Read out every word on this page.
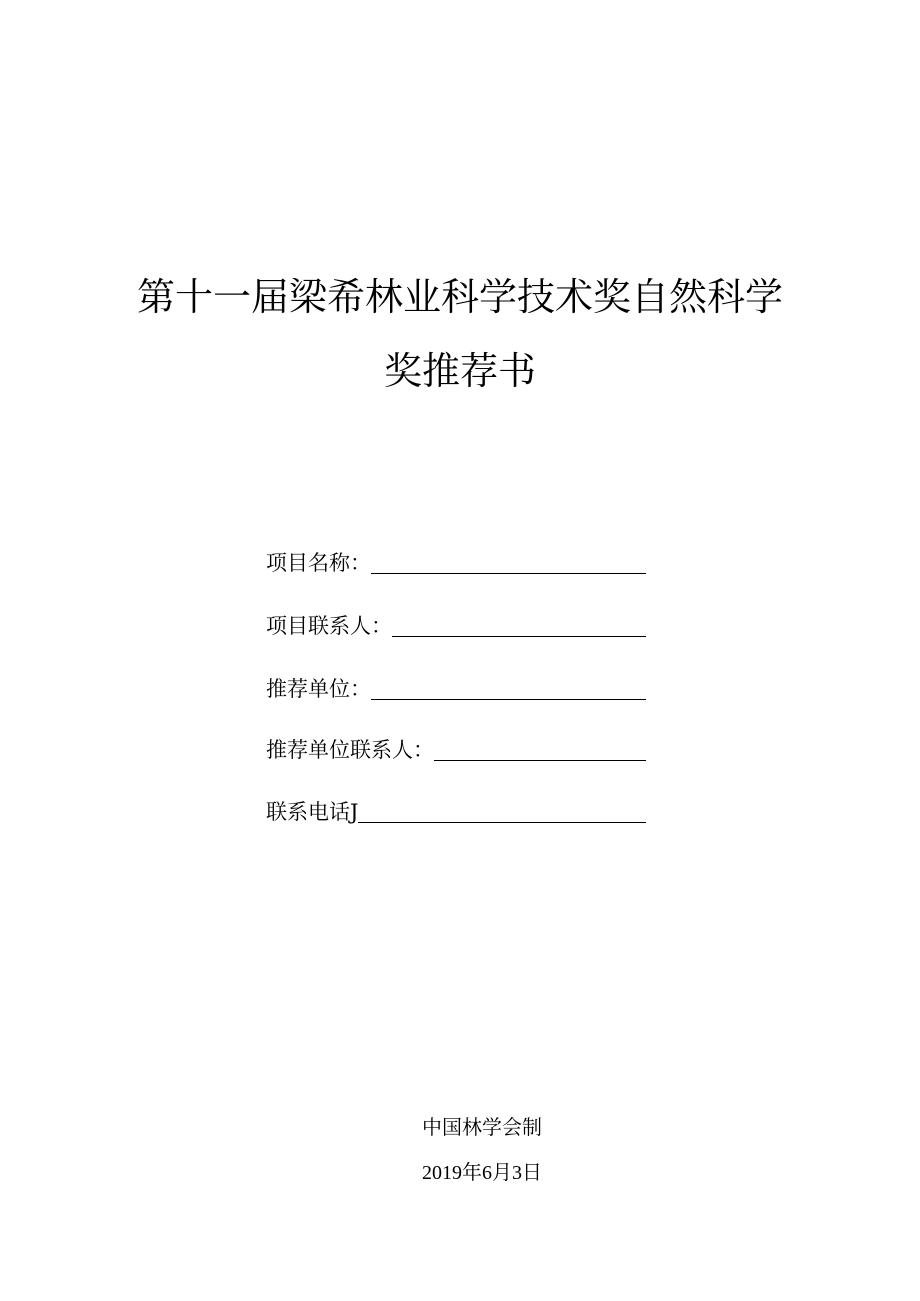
第十一届梁希林业科学技术奖自然科学
奖推荐书
项目名称：
项目联系人：
推荐单位：
推荐单位联系人：
联系电话J
中国林学会制
2019年6月3日
